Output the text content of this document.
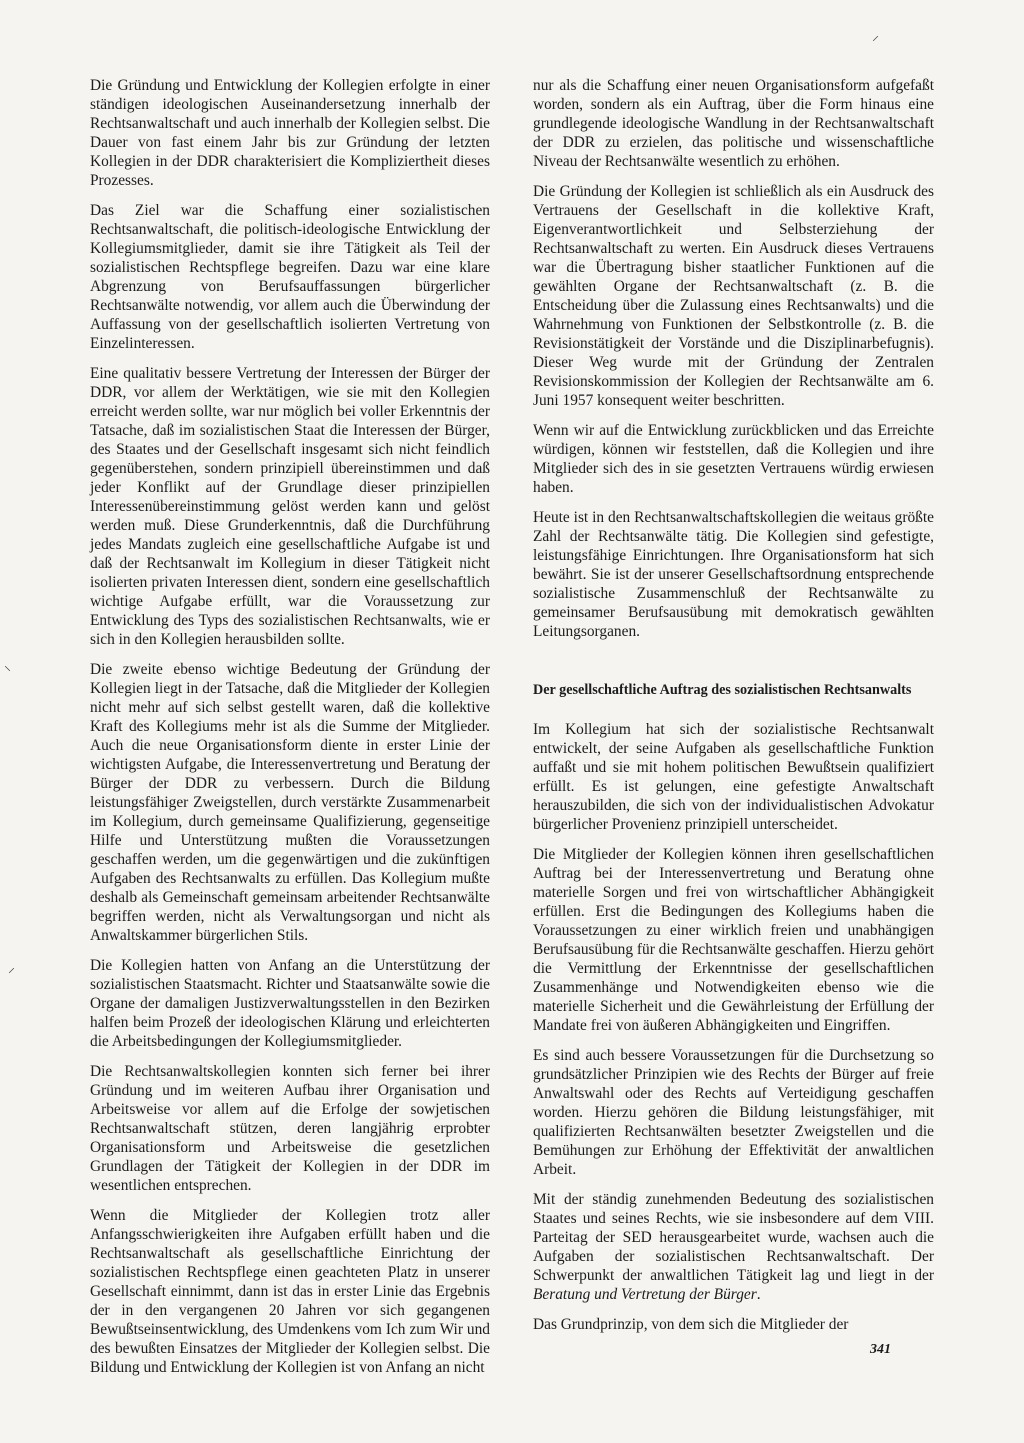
Die Gründung und Entwicklung der Kollegien erfolgte in einer ständigen ideologischen Auseinandersetzung innerhalb der Rechtsanwaltschaft und auch innerhalb der Kollegien selbst. Die Dauer von fast einem Jahr bis zur Gründung der letzten Kollegien in der DDR charakterisiert die Kompliziertheit dieses Prozesses.

Das Ziel war die Schaffung einer sozialistischen Rechtsanwaltschaft, die politisch-ideologische Entwicklung der Kollegiumsmitglieder, damit sie ihre Tätigkeit als Teil der sozialistischen Rechtspflege begreifen. Dazu war eine klare Abgrenzung von Berufsauffassungen bürgerlicher Rechtsanwälte notwendig, vor allem auch die Überwindung der Auffassung von der gesellschaftlich isolierten Vertretung von Einzelinteressen.

Eine qualitativ bessere Vertretung der Interessen der Bürger der DDR, vor allem der Werktätigen, wie sie mit den Kollegien erreicht werden sollte, war nur möglich bei voller Erkenntnis der Tatsache, daß im sozialistischen Staat die Interessen der Bürger, des Staates und der Gesellschaft insgesamt sich nicht feindlich gegenüberstehen, sondern prinzipiell übereinstimmen und daß jeder Konflikt auf der Grundlage dieser prinzipiellen Interessenübereinstimmung gelöst werden kann und gelöst werden muß. Diese Grunderkenntnis, daß die Durchführung jedes Mandats zugleich eine gesellschaftliche Aufgabe ist und daß der Rechtsanwalt im Kollegium in dieser Tätigkeit nicht isolierten privaten Interessen dient, sondern eine gesellschaftlich wichtige Aufgabe erfüllt, war die Voraussetzung zur Entwicklung des Typs des sozialistischen Rechtsanwalts, wie er sich in den Kollegien herausbilden sollte.

Die zweite ebenso wichtige Bedeutung der Gründung der Kollegien liegt in der Tatsache, daß die Mitglieder der Kollegien nicht mehr auf sich selbst gestellt waren, daß die kollektive Kraft des Kollegiums mehr ist als die Summe der Mitglieder. Auch die neue Organisationsform diente in erster Linie der wichtigsten Aufgabe, die Interessenvertretung und Beratung der Bürger der DDR zu verbessern. Durch die Bildung leistungsfähiger Zweigstellen, durch verstärkte Zusammenarbeit im Kollegium, durch gemeinsame Qualifizierung, gegenseitige Hilfe und Unterstützung mußten die Voraussetzungen geschaffen werden, um die gegenwärtigen und die zukünftigen Aufgaben des Rechtsanwalts zu erfüllen. Das Kollegium mußte deshalb als Gemeinschaft gemeinsam arbeitender Rechtsanwälte begriffen werden, nicht als Verwaltungsorgan und nicht als Anwaltskammer bürgerlichen Stils.

Die Kollegien hatten von Anfang an die Unterstützung der sozialistischen Staatsmacht. Richter und Staatsanwälte sowie die Organe der damaligen Justizverwaltungsstellen in den Bezirken halfen beim Prozeß der ideologischen Klärung und erleichterten die Arbeitsbedingungen der Kollegiumsmitglieder.

Die Rechtsanwaltskollegien konnten sich ferner bei ihrer Gründung und im weiteren Aufbau ihrer Organisation und Arbeitsweise vor allem auf die Erfolge der sowjetischen Rechtsanwaltschaft stützen, deren langjährig erprobter Organisationsform und Arbeitsweise die gesetzlichen Grundlagen der Tätigkeit der Kollegien in der DDR im wesentlichen entsprechen.

Wenn die Mitglieder der Kollegien trotz aller Anfangsschwierigkeiten ihre Aufgaben erfüllt haben und die Rechtsanwaltschaft als gesellschaftliche Einrichtung der sozialistischen Rechtspflege einen geachteten Platz in unserer Gesellschaft einnimmt, dann ist das in erster Linie das Ergebnis der in den vergangenen 20 Jahren vor sich gegangenen Bewußtseinsentwicklung, des Umdenkens vom Ich zum Wir und des bewußten Einsatzes der Mitglieder der Kollegien selbst. Die Bildung und Entwicklung der Kollegien ist von Anfang an nicht

nur als die Schaffung einer neuen Organisationsform aufgefaßt worden, sondern als ein Auftrag, über die Form hinaus eine grundlegende ideologische Wandlung in der Rechtsanwaltschaft der DDR zu erzielen, das politische und wissenschaftliche Niveau der Rechtsanwälte wesentlich zu erhöhen.

Die Gründung der Kollegien ist schließlich als ein Ausdruck des Vertrauens der Gesellschaft in die kollektive Kraft, Eigenverantwortlichkeit und Selbsterziehung der Rechtsanwaltschaft zu werten. Ein Ausdruck dieses Vertrauens war die Übertragung bisher staatlicher Funktionen auf die gewählten Organe der Rechtsanwaltschaft (z. B. die Entscheidung über die Zulassung eines Rechtsanwalts) und die Wahrnehmung von Funktionen der Selbstkontrolle (z. B. die Revisionstätigkeit der Vorstände und die Disziplinarbefugnis). Dieser Weg wurde mit der Gründung der Zentralen Revisionskommission der Kollegien der Rechtsanwälte am 6. Juni 1957 konsequent weiter beschritten.

Wenn wir auf die Entwicklung zurückblicken und das Erreichte würdigen, können wir feststellen, daß die Kollegien und ihre Mitglieder sich des in sie gesetzten Vertrauens würdig erwiesen haben.

Heute ist in den Rechtsanwaltschaftskollegien die weitaus größte Zahl der Rechtsanwälte tätig. Die Kollegien sind gefestigte, leistungsfähige Einrichtungen. Ihre Organisationsform hat sich bewährt. Sie ist der unserer Gesellschaftsordnung entsprechende sozialistische Zusammenschluß der Rechtsanwälte zu gemeinsamer Berufsausübung mit demokratisch gewählten Leitungsorganen.

Der gesellschaftliche Auftrag des sozialistischen Rechtsanwalts

Im Kollegium hat sich der sozialistische Rechtsanwalt entwickelt, der seine Aufgaben als gesellschaftliche Funktion auffaßt und sie mit hohem politischen Bewußtsein qualifiziert erfüllt. Es ist gelungen, eine gefestigte Anwaltschaft herauszubilden, die sich von der individualistischen Advokatur bürgerlicher Provenienz prinzipiell unterscheidet.

Die Mitglieder der Kollegien können ihren gesellschaftlichen Auftrag bei der Interessenvertretung und Beratung ohne materielle Sorgen und frei von wirtschaftlicher Abhängigkeit erfüllen. Erst die Bedingungen des Kollegiums haben die Voraussetzungen zu einer wirklich freien und unabhängigen Berufsausübung für die Rechtsanwälte geschaffen. Hierzu gehört die Vermittlung der Erkenntnisse der gesellschaftlichen Zusammenhänge und Notwendigkeiten ebenso wie die materielle Sicherheit und die Gewährleistung der Erfüllung der Mandate frei von äußeren Abhängigkeiten und Eingriffen.

Es sind auch bessere Voraussetzungen für die Durchsetzung so grundsätzlicher Prinzipien wie des Rechts der Bürger auf freie Anwaltswahl oder des Rechts auf Verteidigung geschaffen worden. Hierzu gehören die Bildung leistungsfähiger, mit qualifizierten Rechtsanwälten besetzter Zweigstellen und die Bemühungen zur Erhöhung der Effektivität der anwaltlichen Arbeit.

Mit der ständig zunehmenden Bedeutung des sozialistischen Staates und seines Rechts, wie sie insbesondere auf dem VIII. Parteitag der SED herausgearbeitet wurde, wachsen auch die Aufgaben der sozialistischen Rechtsanwaltschaft. Der Schwerpunkt der anwaltlichen Tätigkeit lag und liegt in der Beratung und Vertretung der Bürger.

Das Grundprinzip, von dem sich die Mitglieder der

341
⸝
⸜
⸝
